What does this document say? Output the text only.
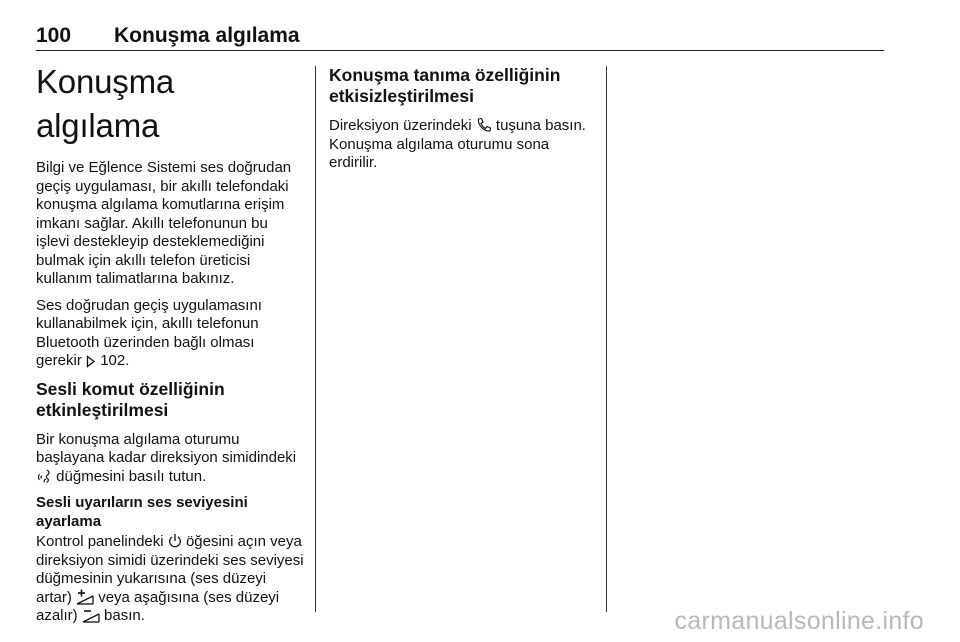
100 Konuşma algılama
Konuşma algılama

Bilgi ve Eğlence Sistemi ses doğrudan geçiş uygulaması, bir akıllı telefondaki konuşma algılama komutlarına erişim imkanı sağlar. Akıllı telefonunun bu işlevi destekleyip desteklemediğini bulmak için akıllı telefon üreticisi kullanım talimatlarına bakınız.

Ses doğrudan geçiş uygulamasını kullanabilmek için, akıllı telefonun Bluetooth üzerinden bağlı olması gerekir 102.

Sesli komut özelliğinin etkinleştirilmesi

Bir konuşma algılama oturumu başlayana kadar direksiyon simidindeki
düğmesini basılı tutun.

Sesli uyarıların ses seviyesini ayarlama

Kontrol panelindeki öğesini açın veya direksiyon simidi üzerindeki ses seviyesi düğmesinin yukarısına (ses düzeyi artar) veya aşağısına (ses düzeyi azalır) basın.

Konuşma tanıma özelliğinin etkisizleştirilmesi

Direksiyon üzerindeki tuşuna basın. Konuşma algılama oturumu sona erdirilir.

carmanualsonline.info
